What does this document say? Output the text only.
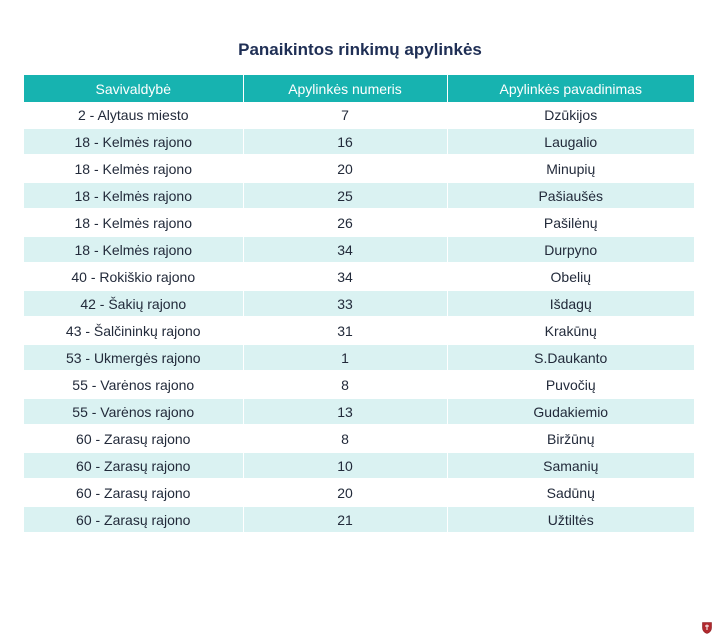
Panaikintos rinkimų apylinkės
Savivaldybė	Apylinkės numeris	Apylinkės pavadinimas
2 - Alytaus miesto	7	Dzūkijos
18 - Kelmės rajono	16	Laugalio
18 - Kelmės rajono	20	Minupių
18 - Kelmės rajono	25	Pašiaušės
18 - Kelmės rajono	26	Pašilėnų
18 - Kelmės rajono	34	Durpyno
40 - Rokiškio rajono	34	Obelių
42 - Šakių rajono	33	Išdagų
43 - Šalčininkų rajono	31	Krakūnų
53 - Ukmergės rajono	1	S.Daukanto
55 - Varėnos rajono	8	Puvočių
55 - Varėnos rajono	13	Gudakiemio
60 - Zarasų rajono	8	Biržūnų
60 - Zarasų rajono	10	Samanių
60 - Zarasų rajono	20	Sadūnų
60 - Zarasų rajono	21	Užtiltės
